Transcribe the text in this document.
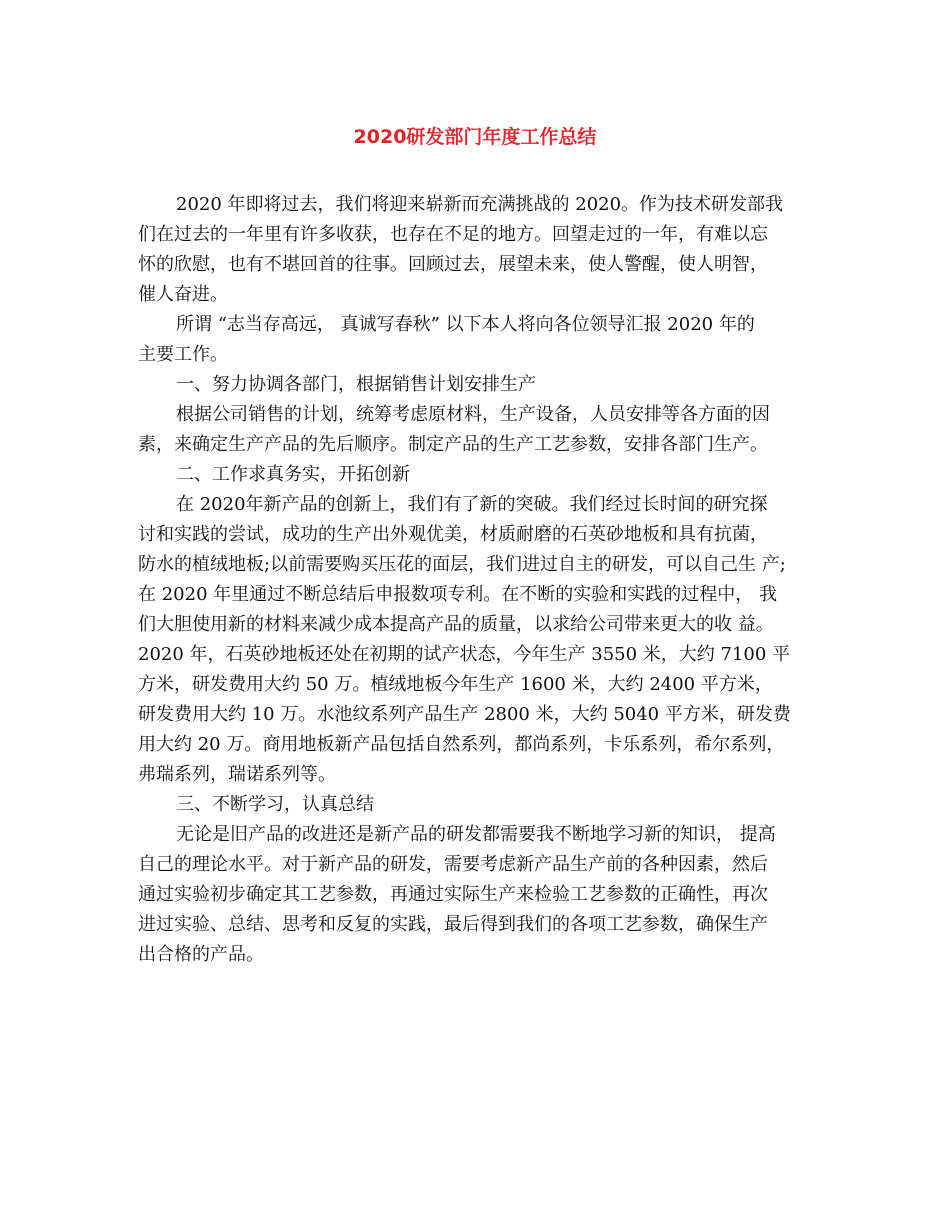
2020研发部门年度工作总结
2020 年即将过去，我们将迎来崭新而充满挑战的 2020。作为技术研发部我
们在过去的一年里有许多收获，也存在不足的地方。回望走过的一年，有难以忘
怀的欣慰，也有不堪回首的往事。回顾过去，展望未来，使人警醒，使人明智，
催人奋进。
所谓 “志当存高远， 真诚写春秋” 以下本人将向各位领导汇报 2020 年的
主要工作。
一、努力协调各部门，根据销售计划安排生产
根据公司销售的计划，统筹考虑原材料，生产设备，人员安排等各方面的因
素，来确定生产产品的先后顺序。制定产品的生产工艺参数，安排各部门生产。
二、工作求真务实，开拓创新
在 2020年新产品的创新上，我们有了新的突破。我们经过长时间的研究探
讨和实践的尝试，成功的生产出外观优美，材质耐磨的石英砂地板和具有抗菌，
防水的植绒地板;以前需要购买压花的面层，我们进过自主的研发，可以自己生 产;
在 2020 年里通过不断总结后申报数项专利。在不断的实验和实践的过程中， 我
们大胆使用新的材料来减少成本提高产品的质量，以求给公司带来更大的收 益。
2020 年，石英砂地板还处在初期的试产状态，今年生产 3550 米，大约 7100 平
方米，研发费用大约 50 万。植绒地板今年生产 1600 米，大约 2400 平方米，
研发费用大约 10 万。水池纹系列产品生产 2800 米，大约 5040 平方米，研发费
用大约 20 万。商用地板新产品包括自然系列，都尚系列，卡乐系列，希尔系列，
弗瑞系列，瑞诺系列等。
三、不断学习，认真总结
无论是旧产品的改进还是新产品的研发都需要我不断地学习新的知识， 提高
自己的理论水平。对于新产品的研发，需要考虑新产品生产前的各种因素，然后
通过实验初步确定其工艺参数，再通过实际生产来检验工艺参数的正确性，再次
进过实验、总结、思考和反复的实践，最后得到我们的各项工艺参数，确保生产
出合格的产品。
